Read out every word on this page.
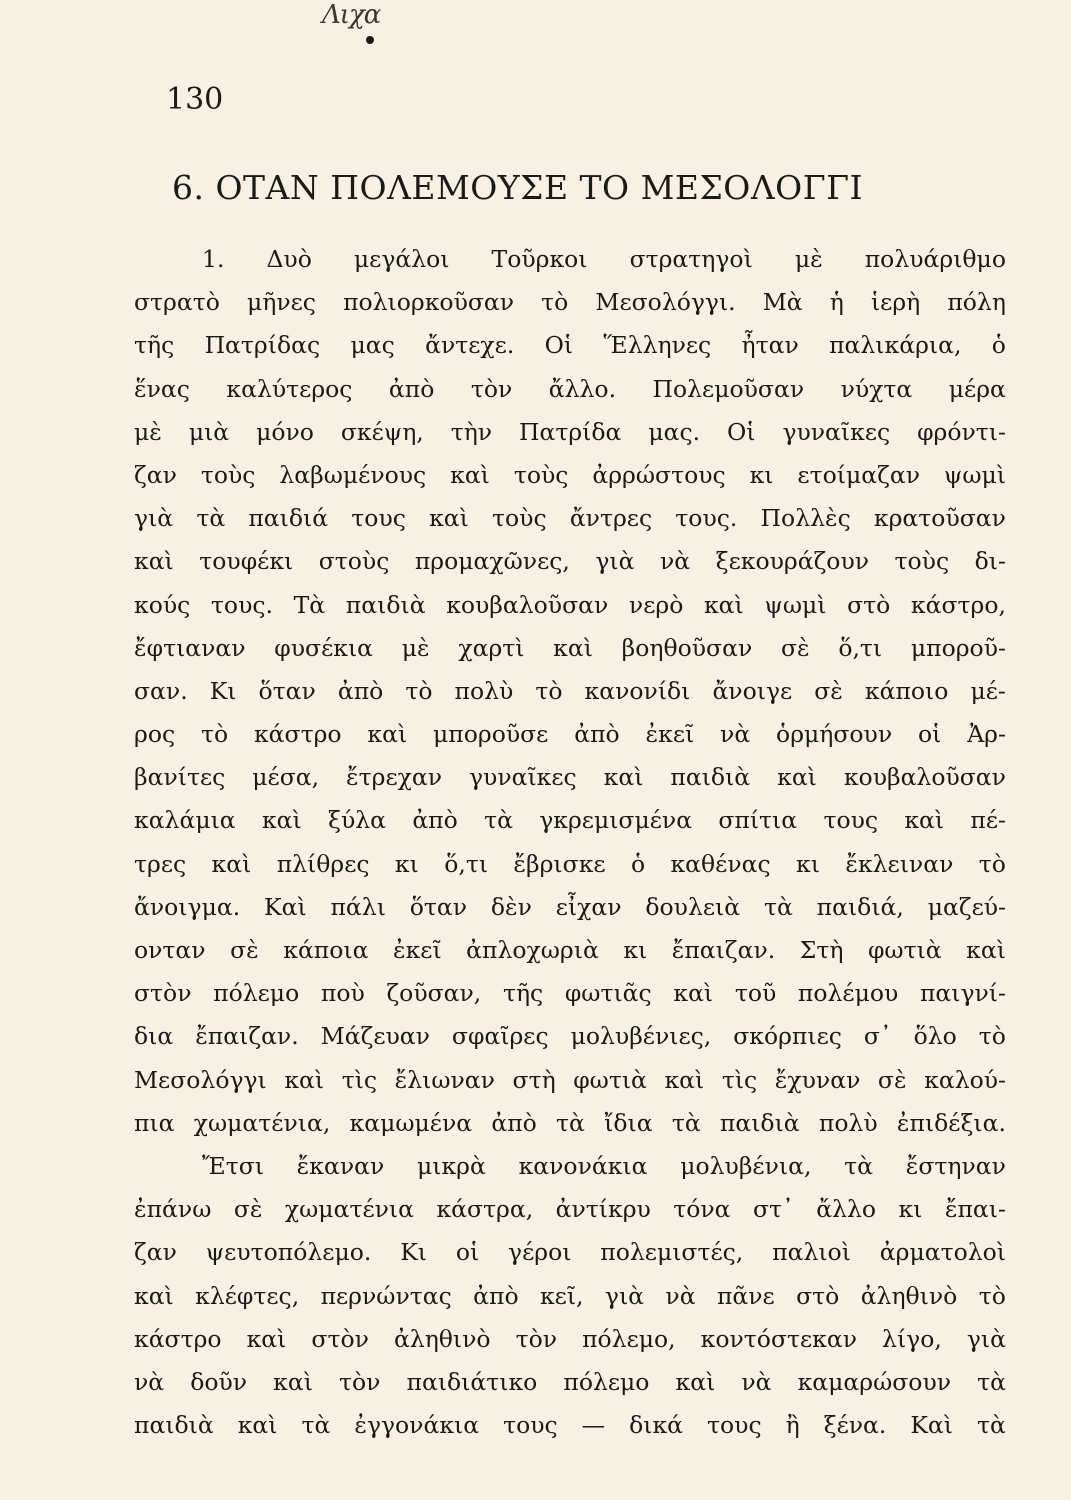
Λιχα
130
6. ΟΤΑΝ ΠΟΛΕΜΟΥΣΕ ΤΟ ΜΕΣΟΛΟΓΓΙ
1. Δυὸ μεγάλοι Τοῦρκοι στρατηγοὶ μὲ πολυάριθμο
στρατὸ μῆνες πολιορκοῦσαν τὸ Μεσολόγγι. Μὰ ἡ ἱερὴ πόλη
τῆς Πατρίδας μας ἄντεχε. Οἱ Ἕλληνες ἦταν παλικάρια, ὁ
ἕνας καλύτερος ἀπὸ τὸν ἄλλο. Πολεμοῦσαν νύχτα μέρα
μὲ μιὰ μόνο σκέψη, τὴν Πατρίδα μας. Οἱ γυναῖκες φρόντι-
ζαν τοὺς λαβωμένους καὶ τοὺς ἀρρώστους κι ετοίμαζαν ψωμὶ
γιὰ τὰ παιδιά τους καὶ τοὺς ἄντρες τους. Πολλὲς κρατοῦσαν
καὶ τουφέκι στοὺς προμαχῶνες, γιὰ νὰ ξεκουράζουν τοὺς δι-
κούς τους. Τὰ παιδιὰ κουβαλοῦσαν νερὸ καὶ ψωμὶ στὸ κάστρο,
ἔφτιαναν φυσέκια μὲ χαρτὶ καὶ βοηθοῦσαν σὲ ὅ,τι μποροῦ-
σαν. Κι ὅταν ἀπὸ τὸ πολὺ τὸ κανονίδι ἄνοιγε σὲ κάποιο μέ-
ρος τὸ κάστρο καὶ μποροῦσε ἀπὸ ἐκεῖ νὰ ὁρμήσουν οἱ Ἀρ-
βανίτες μέσα, ἔτρεχαν γυναῖκες καὶ παιδιὰ καὶ κουβαλοῦσαν
καλάμια καὶ ξύλα ἀπὸ τὰ γκρεμισμένα σπίτια τους καὶ πέ-
τρες καὶ πλίθρες κι ὅ,τι ἔβρισκε ὁ καθένας κι ἔκλειναν τὸ
ἄνοιγμα. Καὶ πάλι ὅταν δὲν εἶχαν δουλειὰ τὰ παιδιά, μαζεύ-
ονταν σὲ κάποια ἐκεῖ ἀπλοχωριὰ κι ἔπαιζαν. Στὴ φωτιὰ καὶ
στὸν πόλεμο ποὺ ζοῦσαν, τῆς φωτιᾶς καὶ τοῦ πολέμου παιγνί-
δια ἔπαιζαν. Μάζευαν σφαῖρες μολυβένιες, σκόρπιες σ᾽ ὅλο τὸ
Μεσολόγγι καὶ τὶς ἔλιωναν στὴ φωτιὰ καὶ τὶς ἔχυναν σὲ καλού-
πια χωματένια, καμωμένα ἀπὸ τὰ ἴδια τὰ παιδιὰ πολὺ ἐπιδέξια.
Ἔτσι ἔκαναν μικρὰ κανονάκια μολυβένια, τὰ ἔστηναν
ἐπάνω σὲ χωματένια κάστρα, ἀντίκρυ τόνα στ᾽ ἄλλο κι ἔπαι-
ζαν ψευτοπόλεμο. Κι οἱ γέροι πολεμιστές, παλιοὶ ἀρματολοὶ
καὶ κλέφτες, περνώντας ἀπὸ κεῖ, γιὰ νὰ πᾶνε στὸ ἀληθινὸ τὸ
κάστρο καὶ στὸν ἀληθινὸ τὸν πόλεμο, κοντόστεκαν λίγο, γιὰ
νὰ δοῦν καὶ τὸν παιδιάτικο πόλεμο καὶ νὰ καμαρώσουν τὰ
παιδιὰ καὶ τὰ ἐγγονάκια τους — δικά τους ἢ ξένα. Καὶ τὰ
